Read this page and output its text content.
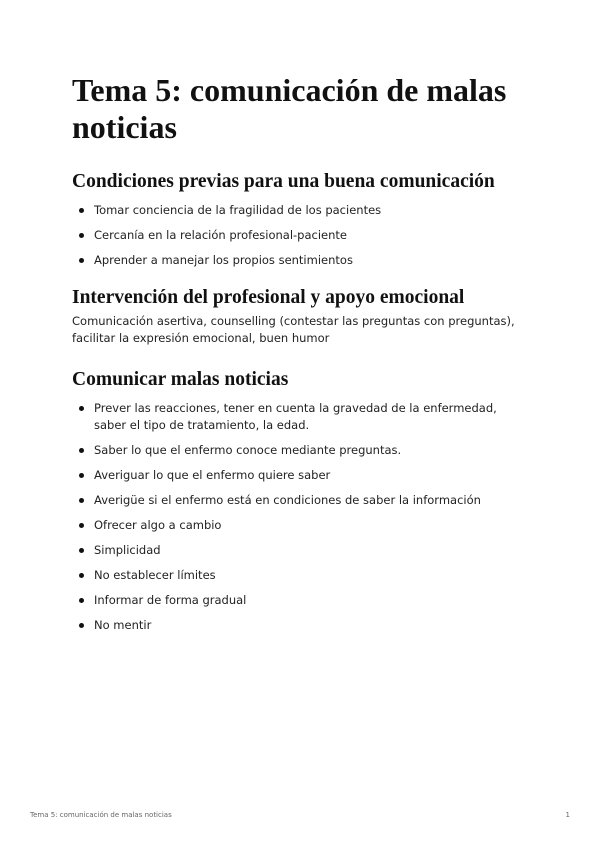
Tema 5: comunicación de malas noticias
Condiciones previas para una buena comunicación
Tomar conciencia de la fragilidad de los pacientes
Cercanía en la relación profesional-paciente
Aprender a manejar los propios sentimientos
Intervención del profesional y apoyo emocional

Comunicación asertiva, counselling (contestar las preguntas con preguntas), facilitar la expresión emocional, buen humor

Comunicar malas noticias
Prever las reacciones, tener en cuenta la gravedad de la enfermedad, saber el tipo de tratamiento, la edad.
Saber lo que el enfermo conoce mediante preguntas.
Averiguar lo que el enfermo quiere saber
Averigüe si el enfermo está en condiciones de saber la información
Ofrecer algo a cambio
Simplicidad
No establecer límites
Informar de forma gradual
No mentir
Tema 5: comunicación de malas noticias	1
